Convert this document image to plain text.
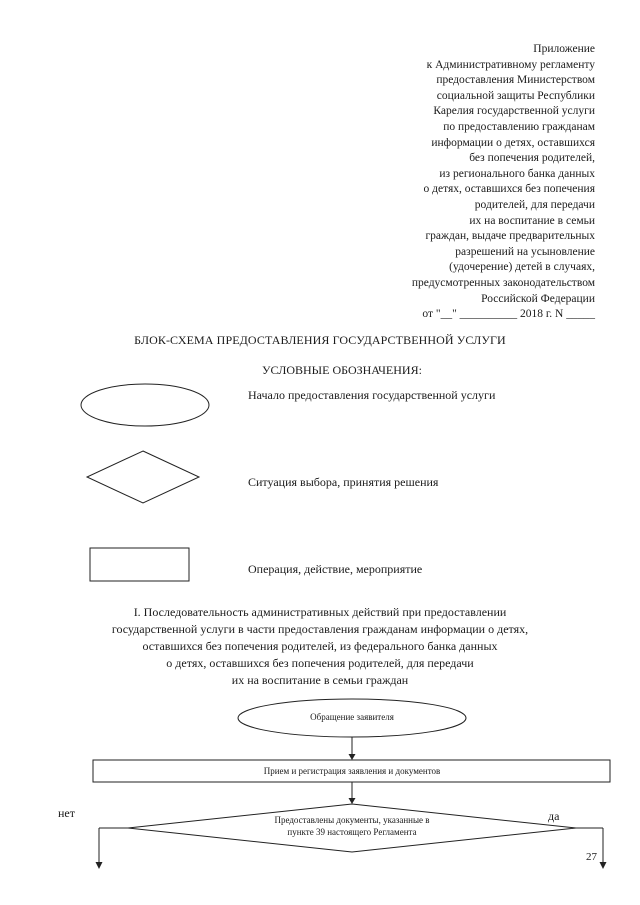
Приложение
к Административному регламенту
предоставления Министерством
социальной защиты Республики
Карелия государственной услуги
по предоставлению гражданам
информации о детях, оставшихся
без попечения родителей,
из регионального банка данных
о детях, оставшихся без попечения
родителей, для передачи
их на воспитание в семьи
граждан, выдаче предварительных
разрешений на усыновление
(удочерение) детей в случаях,
предусмотренных законодательством
Российской Федерации
от "__" __________ 2018 г. N _____
БЛОК-СХЕМА ПРЕДОСТАВЛЕНИЯ ГОСУДАРСТВЕННОЙ УСЛУГИ
УСЛОВНЫЕ ОБОЗНАЧЕНИЯ:
Начало предоставления государственной услуги
Ситуация выбора, принятия решения
Операция, действие, мероприятие
I. Последовательность административных действий при предоставлении
государственной услуги в части предоставления гражданам информации о детях,
оставшихся без попечения родителей, из федерального банка данных
о детях, оставшихся без попечения родителей, для передачи
их на воспитание в семьи граждан
Обращение заявителя
Прием и регистрация заявления и документов
Предоставлены документы, указанные в
пункте 39 настоящего Регламента
нет	да
27
